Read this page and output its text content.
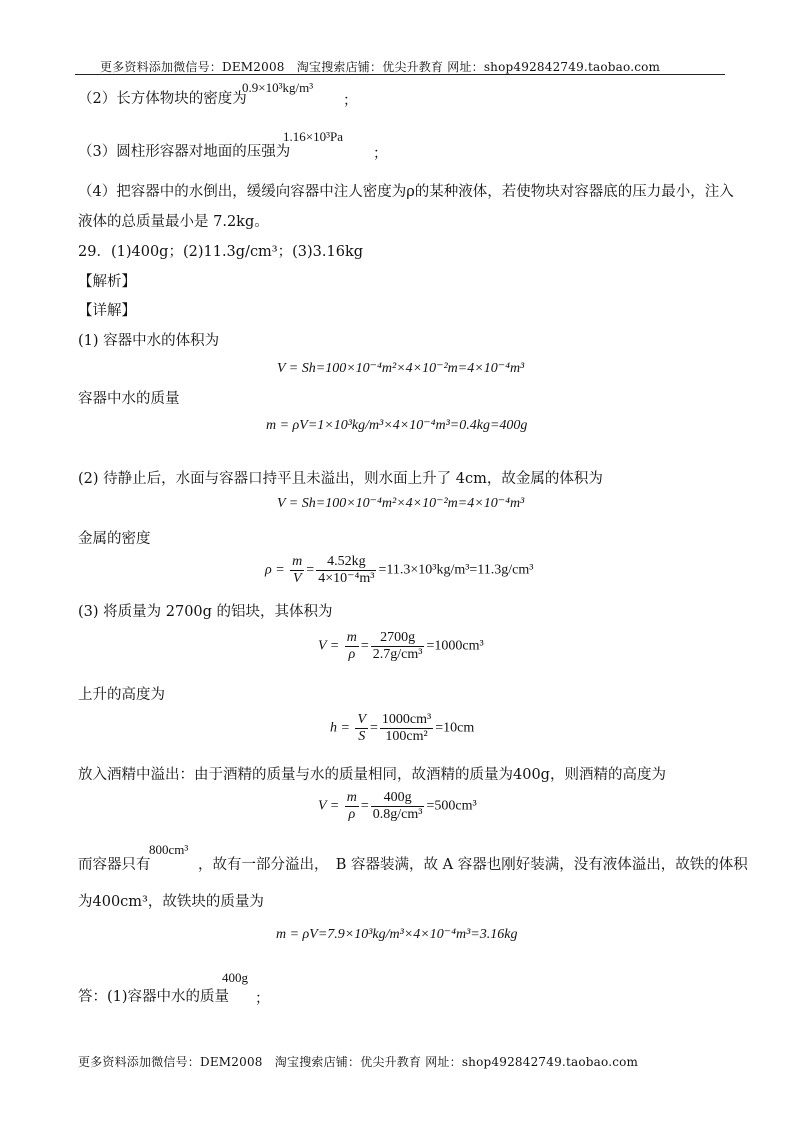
更多资料添加微信号：DEM2008　淘宝搜索店铺：优尖升教育 网址：shop492842749.taobao.com
（2）长方体物块的密度为
0.9×10³kg/m³
；
（3）圆柱形容器对地面的压强为
1.16×10³Pa
；
（4）把容器中的水倒出，缓缓向容器中注人密度为ρ的某种液体，若使物块对容器底的压力最小，注入
液体的总质量最小是 7.2kg。
29．(1)400g；(2)11.3g/cm³；(3)3.16kg
【解析】
【详解】
(1) 容器中水的体积为
V = Sh=100×10⁻⁴m²×4×10⁻²m=4×10⁻⁴m³
容器中水的质量
m = ρV=1×10³kg/m³×4×10⁻⁴m³=0.4kg=400g
(2) 待静止后，水面与容器口持平且未溢出，则水面上升了 4cm，故金属的体积为
V = Sh=100×10⁻⁴m²×4×10⁻²m=4×10⁻⁴m³
金属的密度
$\rho = \frac{m}{V} = \frac{4.52kg}{\text{4×10⁻⁴m³}} =11.3\times 10^3kg/m^3=11.3g/cm^3$
(3) 将质量为 2700g 的铝块，其体积为
$V = \frac{m}{\rho} = \frac{2700g}{\text{2.7g/cm³}} =1000cm^3$
上升的高度为
$h = \frac{V}{S} = \frac{\text{1000cm³}}{\text{100cm²}} =10cm$
放入酒精中溢出：由于酒精的质量与水的质量相同，故酒精的质量为400g，则酒精的高度为
$V = \frac{m}{\rho} = \frac{400g}{\text{0.8g/cm³}} =500cm^3$
而容器只有
800cm³
，故有一部分溢出，　B 容器装满，故 A 容器也刚好装满，没有液体溢出，故铁的体积
为400cm³，故铁块的质量为
m = ρV=7.9×10³kg/m³×4×10⁻⁴m³=3.16kg
答：(1)容器中水的质量
400g
；
更多资料添加微信号：DEM2008　淘宝搜索店铺：优尖升教育 网址：shop492842749.taobao.com
